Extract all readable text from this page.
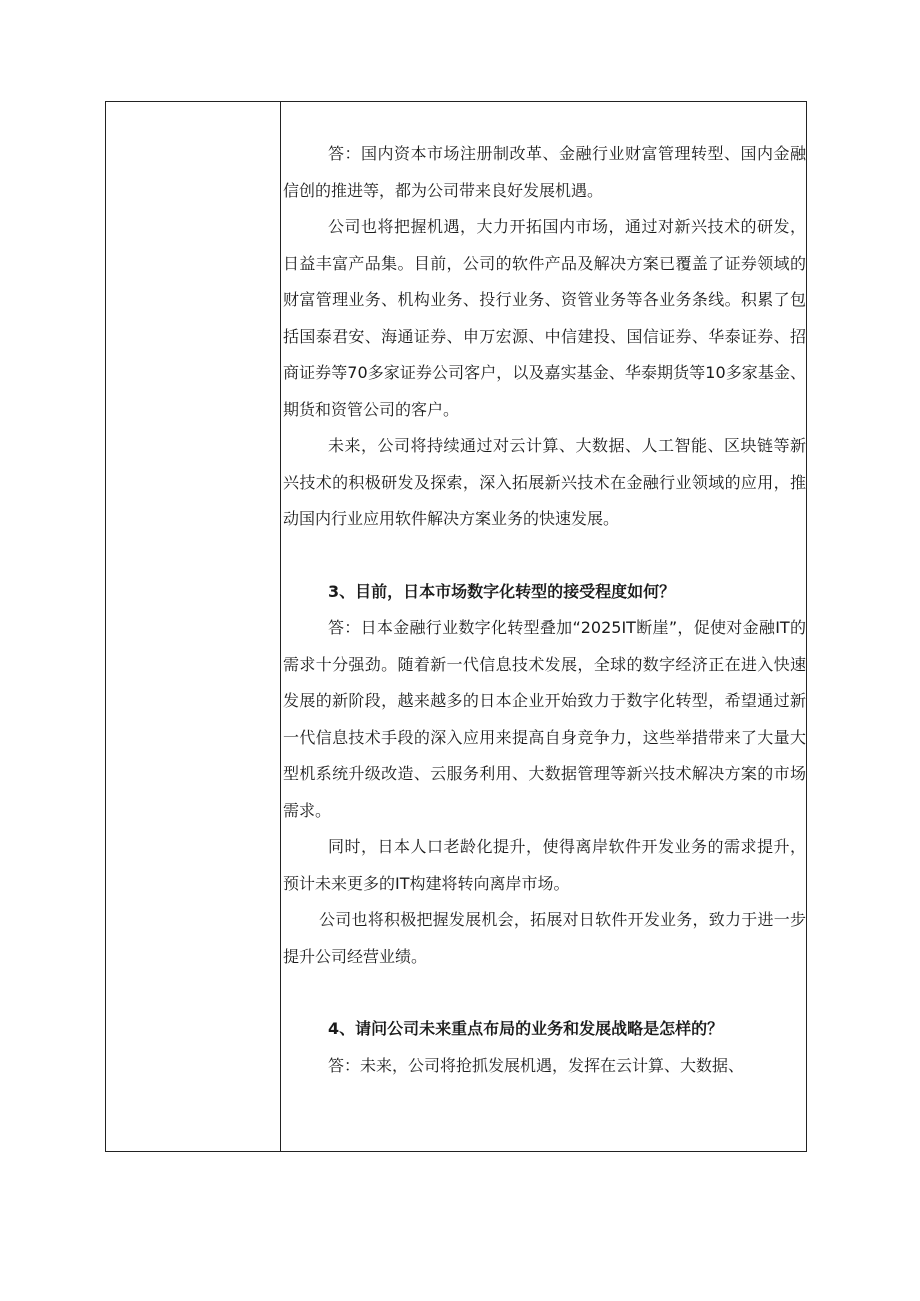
答：国内资本市场注册制改革、金融行业财富管理转型、国内金融信创的推进等，都为公司带来良好发展机遇。

公司也将把握机遇，大力开拓国内市场，通过对新兴技术的研发，日益丰富产品集。目前，公司的软件产品及解决方案已覆盖了证券领域的财富管理业务、机构业务、投行业务、资管业务等各业务条线。积累了包括国泰君安、海通证券、申万宏源、中信建投、国信证券、华泰证券、招商证券等70多家证券公司客户，以及嘉实基金、华泰期货等10多家基金、期货和资管公司的客户。

未来，公司将持续通过对云计算、大数据、人工智能、区块链等新兴技术的积极研发及探索，深入拓展新兴技术在金融行业领域的应用，推动国内行业应用软件解决方案业务的快速发展。

3、目前，日本市场数字化转型的接受程度如何？

答：日本金融行业数字化转型叠加“2025IT断崖”，促使对金融IT的需求十分强劲。随着新一代信息技术发展，全球的数字经济正在进入快速发展的新阶段，越来越多的日本企业开始致力于数字化转型，希望通过新一代信息技术手段的深入应用来提高自身竞争力，这些举措带来了大量大型机系统升级改造、云服务利用、大数据管理等新兴技术解决方案的市场需求。

同时，日本人口老龄化提升，使得离岸软件开发业务的需求提升，预计未来更多的IT构建将转向离岸市场。

公司也将积极把握发展机会，拓展对日软件开发业务，致力于进一步提升公司经营业绩。

4、请问公司未来重点布局的业务和发展战略是怎样的？

答：未来，公司将抢抓发展机遇，发挥在云计算、大数据、
